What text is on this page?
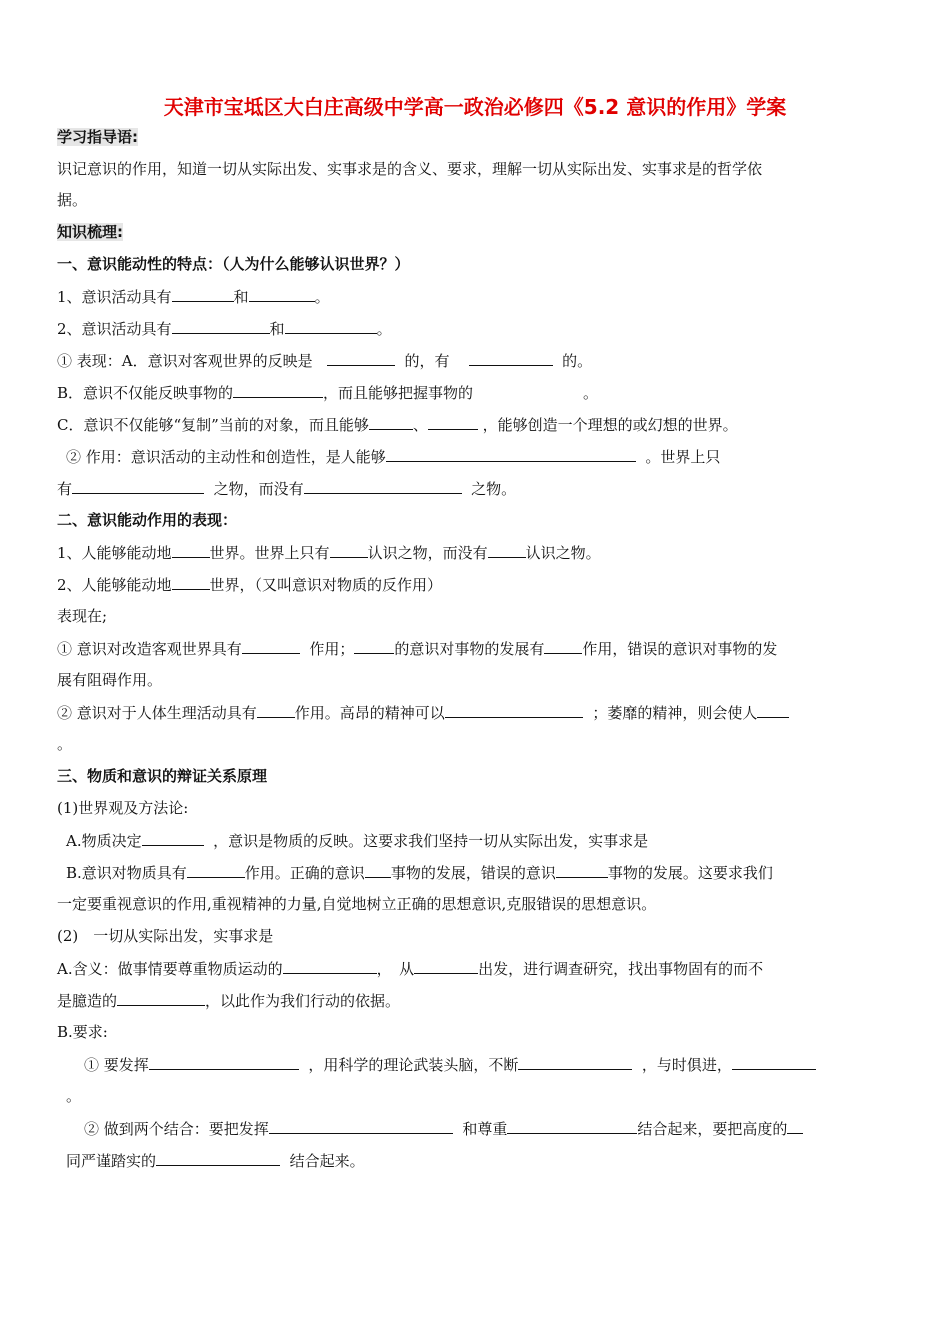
天津市宝坻区大白庄高级中学高一政治必修四《5.2 意识的作用》学案
学习指导语:
识记意识的作用，知道一切从实际出发、实事求是的含义、要求，理解一切从实际出发、实事求是的哲学依
据。
知识梳理:
一、意识能动性的特点：（人为什么能够认识世界？）
1、意识活动具有	和	。
2、意识活动具有	和	。
① 表现：A．意识对客观世界的反映是	的，有	的。
B．意识不仅能反映事物的	，而且能够把握事物的	。
C．意识不仅能够“复制”当前的对象，而且能够	、	，能够创造一个理想的或幻想的世界。
② 作用：意识活动的主动性和创造性，是人能够	。世界上只
有	之物，而没有	之物。
二、意识能动作用的表现：
1、人能够能动地	世界。世界上只有	认识之物，而没有	认识之物。
2、人能够能动地	世界，（又叫意识对物质的反作用）
表现在;
① 意识对改造客观世界具有	作用；	的意识对事物的发展有	作用，错误的意识对事物的发
展有阻碍作用。
② 意识对于人体生理活动具有	作用。高昂的精神可以	；萎靡的精神，则会使人
。
三、物质和意识的辩证关系原理
(1)世界观及方法论:
A.物质决定	，意识是物质的反映。这要求我们坚持一切从实际出发，实事求是
B.意识对物质具有	作用。正确的意识 事物的发展，错误的意识	事物的发展。这要求我们
一定要重视意识的作用,重视精神的力量,自觉地树立正确的思想意识,克服错误的思想意识。
(2)　一切从实际出发，实事求是
A.含义：做事情要尊重物质运动的	，　从	出发，进行调查研究，找出事物固有的而不
是臆造的	，以此作为我们行动的依据。
B.要求:
① 要发挥	，用科学的理论武装头脑，不断	，与时俱进，
。
② 做到两个结合：要把发挥	和尊重	结合起来，要把高度的
同严谨踏实的	结合起来。
